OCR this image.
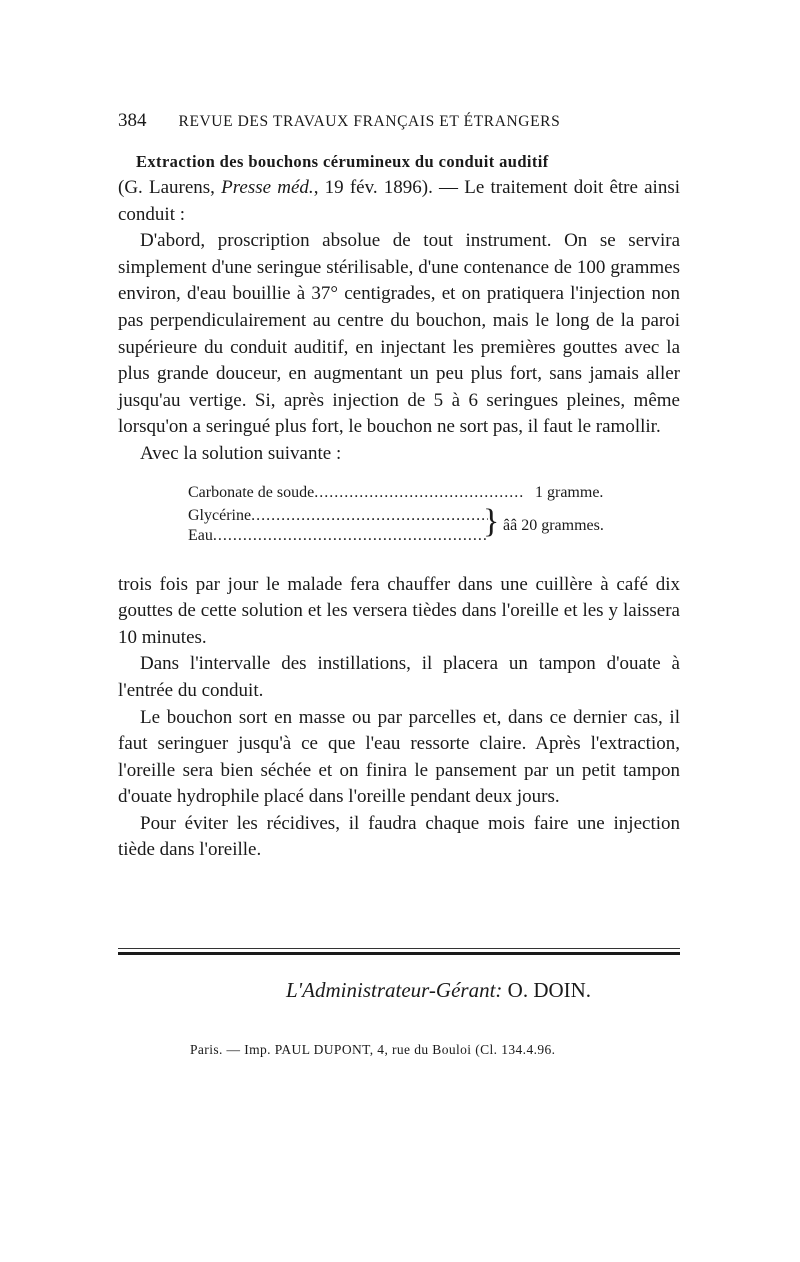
384 REVUE DES TRAVAUX FRANÇAIS ET ÉTRANGERS
Extraction des bouchons cérumineux du conduit auditif

(G. Laurens, Presse méd., 19 fév. 1896). — Le traitement doit être ainsi conduit :

D'abord, proscription absolue de tout instrument. On se servira simplement d'une seringue stérilisable, d'une contenance de 100 grammes environ, d'eau bouillie à 37° centigrades, et on pratiquera l'injection non pas perpendiculairement au centre du bouchon, mais le long de la paroi supérieure du conduit auditif, en injectant les premières gouttes avec la plus grande douceur, en augmentant un peu plus fort, sans jamais aller jusqu'au vertige. Si, après injection de 5 à 6 seringues pleines, même lorsqu'on a seringué plus fort, le bouchon ne sort pas, il faut le ramollir.

Avec la solution suivante :

Carbonate de soude .....	1 gramme.
Glycérine
.....
Eau .....	} ââ 20 grammes.

trois fois par jour le malade fera chauffer dans une cuillère à café dix gouttes de cette solution et les versera tièdes dans l'oreille et les y laissera 10 minutes.

Dans l'intervalle des instillations, il placera un tampon d'ouate à l'entrée du conduit.

Le bouchon sort en masse ou par parcelles et, dans ce dernier cas, il faut seringuer jusqu'à ce que l'eau ressorte claire. Après l'extraction, l'oreille sera bien séchée et on finira le pansement par un petit tampon d'ouate hydrophile placé dans l'oreille pendant deux jours.

Pour éviter les récidives, il faudra chaque mois faire une injection tiède dans l'oreille.

L'Administrateur-Gérant: O. DOIN.
Paris. — Imp. PAUL DUPONT, 4, rue du Bouloi (Cl. 134.4.96.
